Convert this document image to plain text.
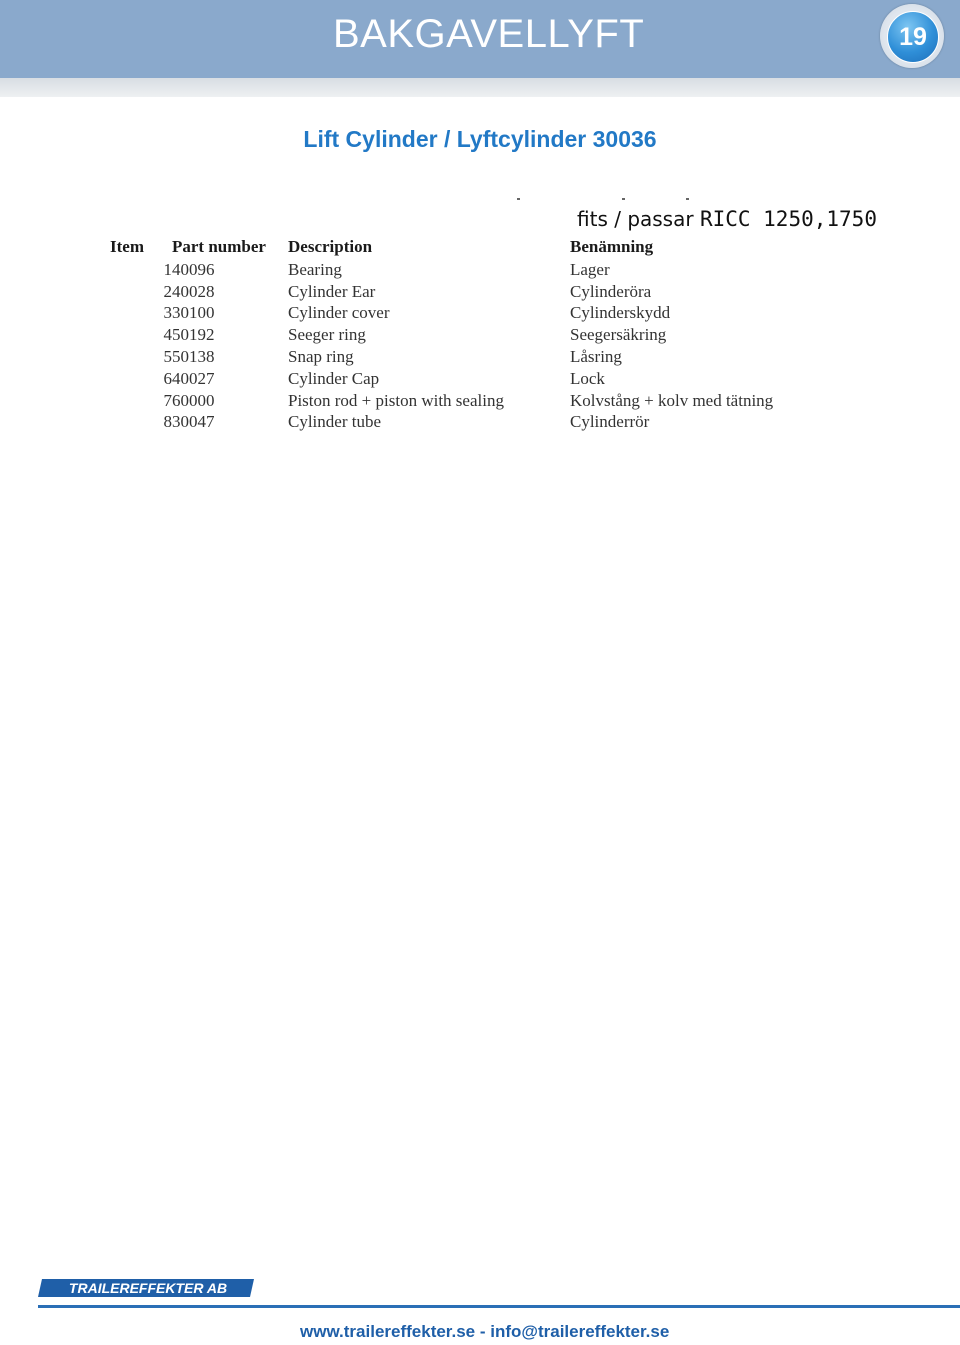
BAKGAVELLYFT	19
Lift Cylinder / Lyftcylinder 30036
fits / passar RICC 1250,1750
Item	Part number	Description	Benämning
1	40096	Bearing	Lager
2	40028	Cylinder Ear	Cylinderöra
3	30100	Cylinder cover	Cylinderskydd
4	50192	Seeger ring	Seegersäkring
5	50138	Snap ring	Låsring
6	40027	Cylinder Cap	Lock
7	60000	Piston rod + piston with sealing	Kolvstång + kolv med tätning
8	30047	Cylinder tube	Cylinderrör
TRAILEREFFEKTER AB
www.trailereffekter.se - info@trailereffekter.se
